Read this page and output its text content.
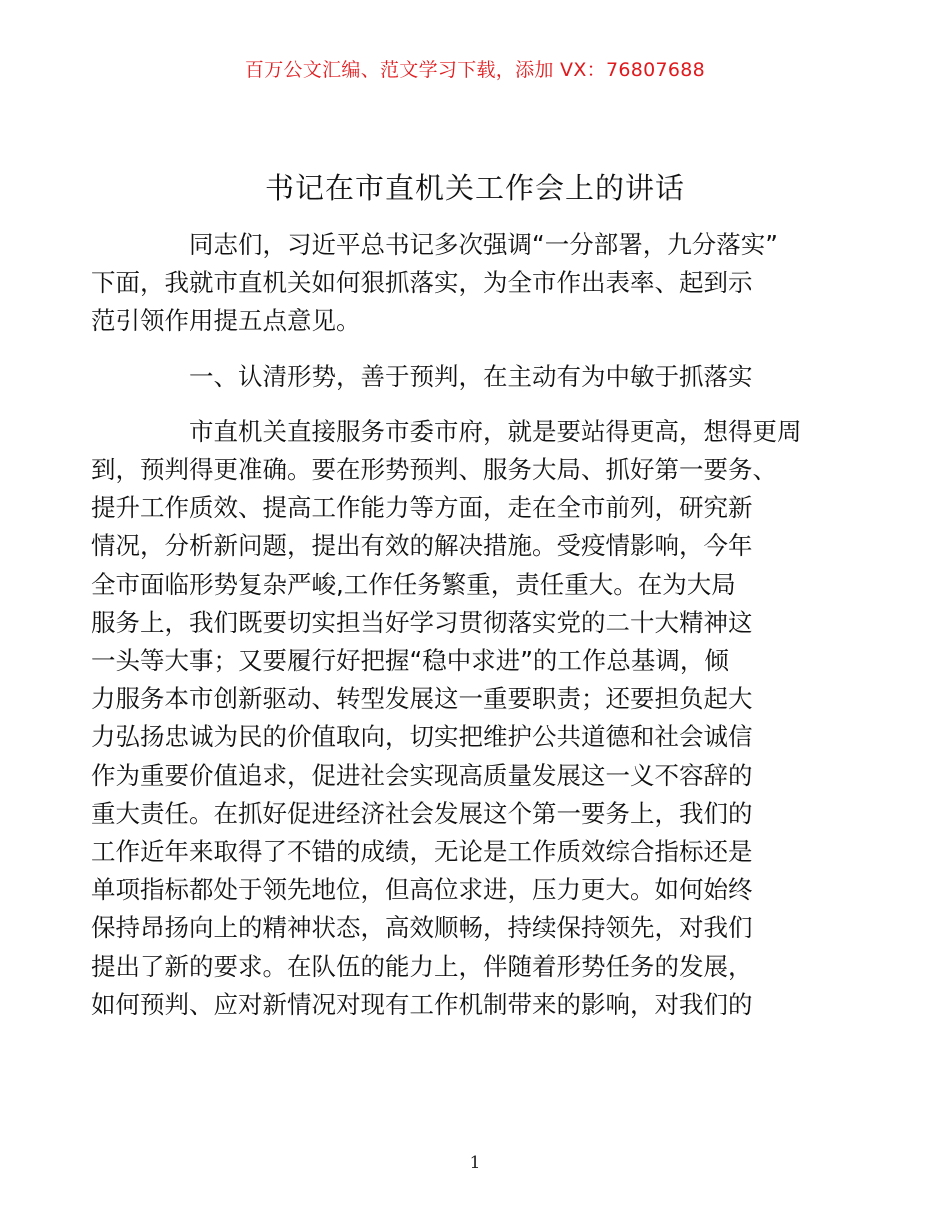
百万公文汇编、范文学习下载，添加 VX：76807688
书记在市直机关工作会上的讲话

同志们，习近平总书记多次强调“一分部署，九分落实”
下面，我就市直机关如何狠抓落实，为全市作出表率、起到示
范引领作用提五点意见。

一、认清形势，善于预判，在主动有为中敏于抓落实

市直机关直接服务市委市府，就是要站得更高，想得更周
到，预判得更准确。要在形势预判、服务大局、抓好第一要务、
提升工作质效、提高工作能力等方面，走在全市前列，研究新
情况，分析新问题，提出有效的解决措施。受疫情影响，今年
全市面临形势复杂严峻,工作任务繁重，责任重大。在为大局
服务上，我们既要切实担当好学习贯彻落实党的二十大精神这
一头等大事；又要履行好把握“稳中求进”的工作总基调，倾
力服务本市创新驱动、转型发展这一重要职责；还要担负起大
力弘扬忠诚为民的价值取向，切实把维护公共道德和社会诚信
作为重要价值追求，促进社会实现高质量发展这一义不容辞的
重大责任。在抓好促进经济社会发展这个第一要务上，我们的
工作近年来取得了不错的成绩，无论是工作质效综合指标还是
单项指标都处于领先地位，但高位求进，压力更大。如何始终
保持昂扬向上的精神状态，高效顺畅，持续保持领先，对我们
提出了新的要求。在队伍的能力上，伴随着形势任务的发展，
如何预判、应对新情况对现有工作机制带来的影响，对我们的

1
